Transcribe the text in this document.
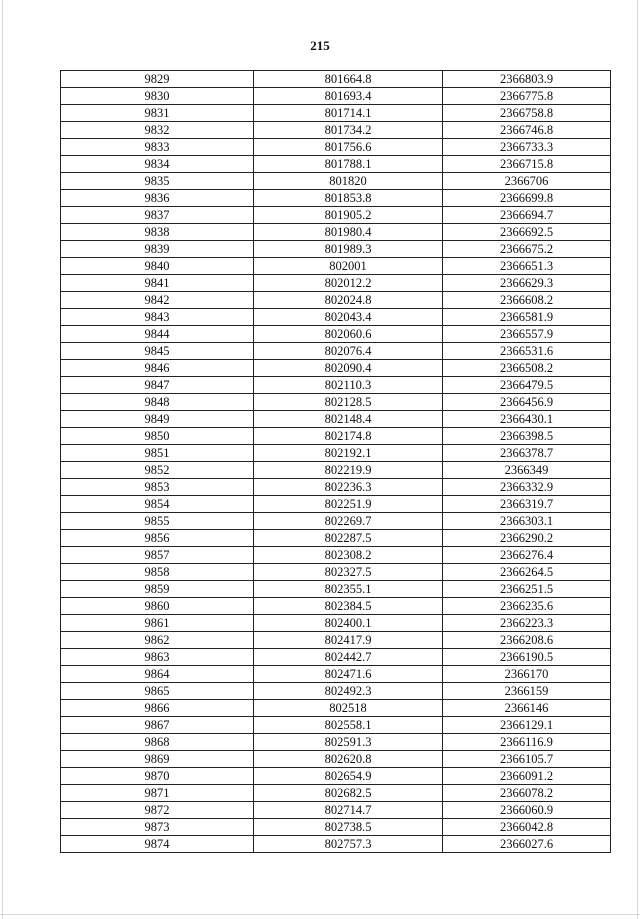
215
9829	801664.8	2366803.9
9830	801693.4	2366775.8
9831	801714.1	2366758.8
9832	801734.2	2366746.8
9833	801756.6	2366733.3
9834	801788.1	2366715.8
9835	801820	2366706
9836	801853.8	2366699.8
9837	801905.2	2366694.7
9838	801980.4	2366692.5
9839	801989.3	2366675.2
9840	802001	2366651.3
9841	802012.2	2366629.3
9842	802024.8	2366608.2
9843	802043.4	2366581.9
9844	802060.6	2366557.9
9845	802076.4	2366531.6
9846	802090.4	2366508.2
9847	802110.3	2366479.5
9848	802128.5	2366456.9
9849	802148.4	2366430.1
9850	802174.8	2366398.5
9851	802192.1	2366378.7
9852	802219.9	2366349
9853	802236.3	2366332.9
9854	802251.9	2366319.7
9855	802269.7	2366303.1
9856	802287.5	2366290.2
9857	802308.2	2366276.4
9858	802327.5	2366264.5
9859	802355.1	2366251.5
9860	802384.5	2366235.6
9861	802400.1	2366223.3
9862	802417.9	2366208.6
9863	802442.7	2366190.5
9864	802471.6	2366170
9865	802492.3	2366159
9866	802518	2366146
9867	802558.1	2366129.1
9868	802591.3	2366116.9
9869	802620.8	2366105.7
9870	802654.9	2366091.2
9871	802682.5	2366078.2
9872	802714.7	2366060.9
9873	802738.5	2366042.8
9874	802757.3	2366027.6
